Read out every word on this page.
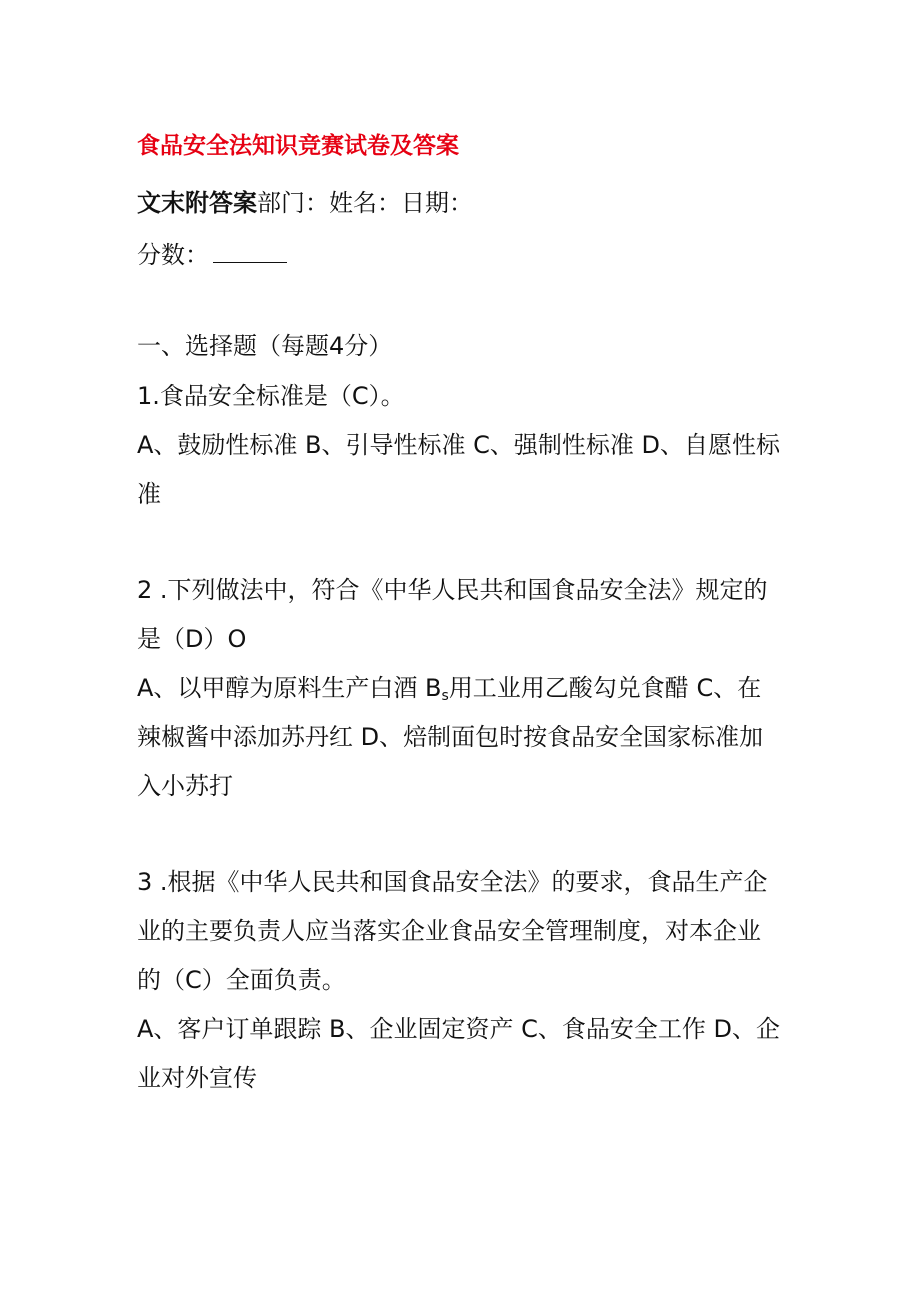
食品安全法知识竞赛试卷及答案
文末附答案部门：姓名：日期：
分数：
一、选择题（每题4分）
1.食品安全标准是（C）。
A、鼓励性标准 B、引导性标准 C、强制性标准 D、自愿性标
准
2 .下列做法中，符合《中华人民共和国食品安全法》规定的
是（D）O
A、以甲醇为原料生产白酒 $B_s$用工业用乙酸勾兑食醋 C、在
辣椒酱中添加苏丹红 D、焙制面包时按食品安全国家标准加
入小苏打
3 .根据《中华人民共和国食品安全法》的要求，食品生产企
业的主要负责人应当落实企业食品安全管理制度，对本企业
的（C）全面负责。
A、客户订单跟踪 B、企业固定资产 C、食品安全工作 D、企
业对外宣传
